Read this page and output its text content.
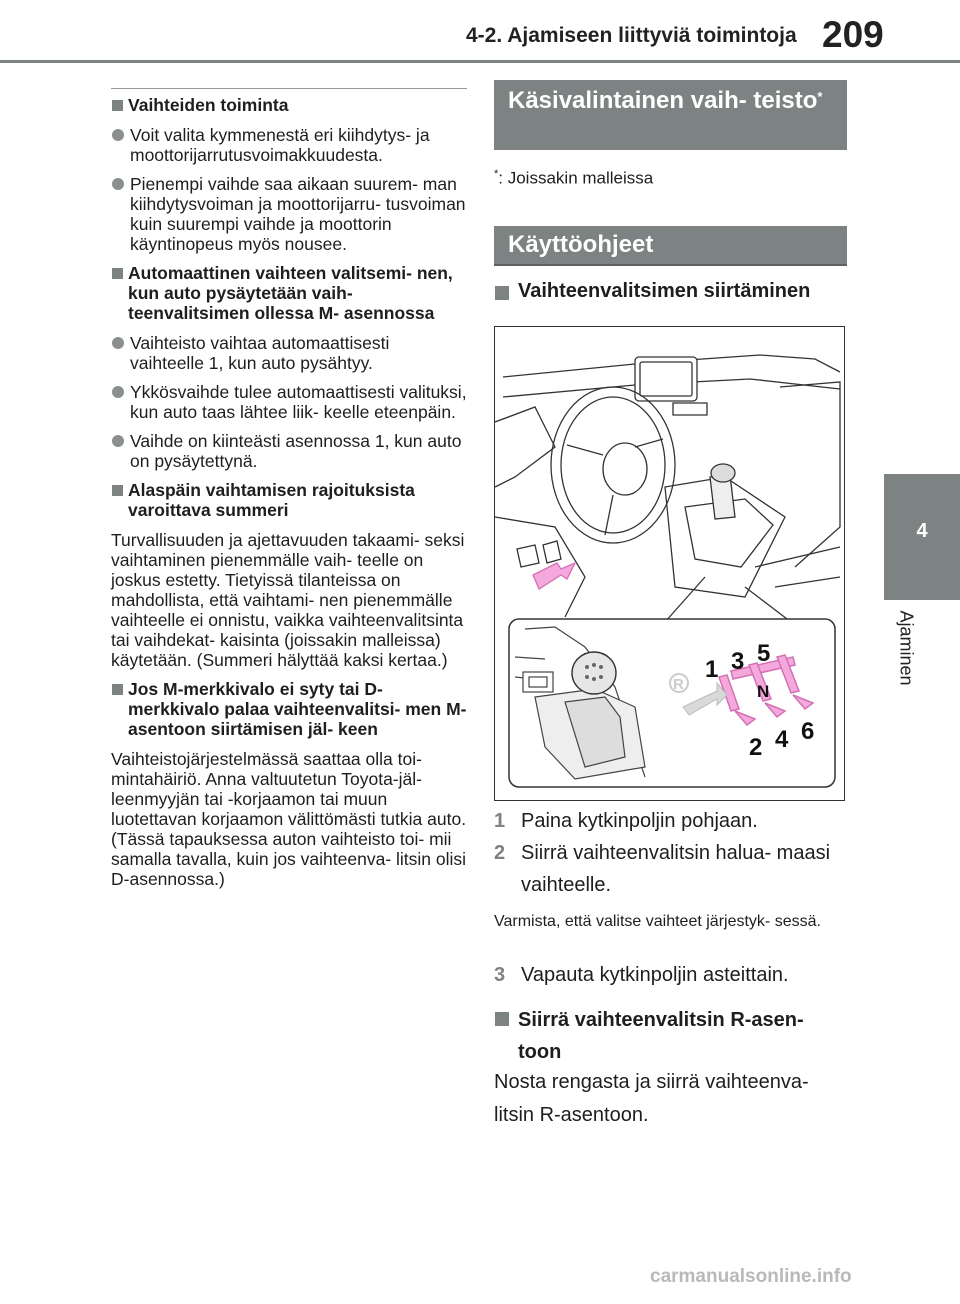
4-2. Ajamiseen liittyviä toimintoja 209
4
Ajaminen
Vaihteiden toiminta
Voit valita kymmenestä eri kiihdytys- ja moottorijarrutusvoimakkuudesta.
Pienempi vaihde saa aikaan suurem- man kiihdytysvoiman ja moottorijarru- tusvoiman kuin suurempi vaihde ja moottorin käyntinopeus myös nousee.
Automaattinen vaihteen valitsemi- nen, kun auto pysäytetään vaih- teenvalitsimen ollessa M- asennossa
Vaihteisto vaihtaa automaattisesti vaihteelle 1, kun auto pysähtyy.
Ykkösvaihde tulee automaattisesti valituksi, kun auto taas lähtee liik- keelle eteenpäin.
Vaihde on kiinteästi asennossa 1, kun auto on pysäytettynä.
Alaspäin vaihtamisen rajoituksista varoittava summeri
Turvallisuuden ja ajettavuuden takaami- seksi vaihtaminen pienemmälle vaih- teelle on joskus estetty. Tietyissä tilanteissa on mahdollista, että vaihtami- nen pienemmälle vaihteelle ei onnistu, vaikka vaihteenvalitsinta tai vaihdekat- kaisinta (joissakin malleissa) käytetään. (Summeri hälyttää kaksi kertaa.)
Jos M-merkkivalo ei syty tai D- merkkivalo palaa vaihteenvalitsi- men M-asentoon siirtämisen jäl- keen
Vaihteistojärjestelmässä saattaa olla toi- mintahäiriö. Anna valtuutetun Toyota-jäl- leenmyyjän tai -korjaamon tai muun luotettavan korjaamon välittömästi tutkia auto.
(Tässä tapauksessa auton vaihteisto toi- mii samalla tavalla, kuin jos vaihteenva- litsin olisi D-asennossa.)
Käsivalintainen vaih- teisto*
*: Joissakin malleissa
Käyttöohjeet
Vaihteenvalitsimen siirtäminen
R
1 3 5
N
2 4 6
1 Paina kytkinpoljin pohjaan.
2 Siirrä vaihteenvalitsin halua- maasi vaihteelle.
Varmista, että valitse vaihteet järjestyk- sessä.
3 Vapauta kytkinpoljin asteittain.
Siirrä vaihteenvalitsin R-asen- toon
Nosta rengasta ja siirrä vaihteenva- litsin R-asentoon.
carmanualsonline.info
